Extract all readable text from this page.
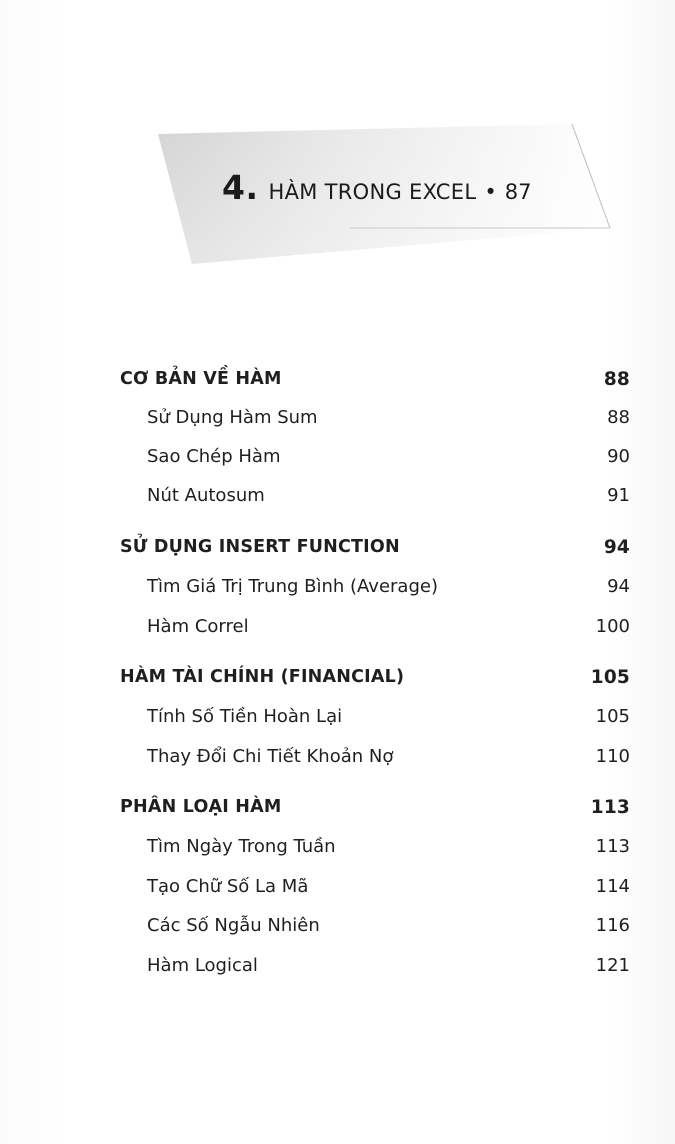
4. HÀM TRONG EXCEL • 87
CƠ BẢN VỀ HÀM	88
Sử Dụng Hàm Sum	88
Sao Chép Hàm	90
Nút Autosum	91
SỬ DỤNG INSERT FUNCTION	94
Tìm Giá Trị Trung Bình (Average)	94
Hàm Correl	100
HÀM TÀI CHÍNH (FINANCIAL)	105
Tính Số Tiền Hoàn Lại	105
Thay Đổi Chi Tiết Khoản Nợ	110
PHÂN LOẠI HÀM	113
Tìm Ngày Trong Tuần	113
Tạo Chữ Số La Mã	114
Các Số Ngẫu Nhiên	116
Hàm Logical	121
